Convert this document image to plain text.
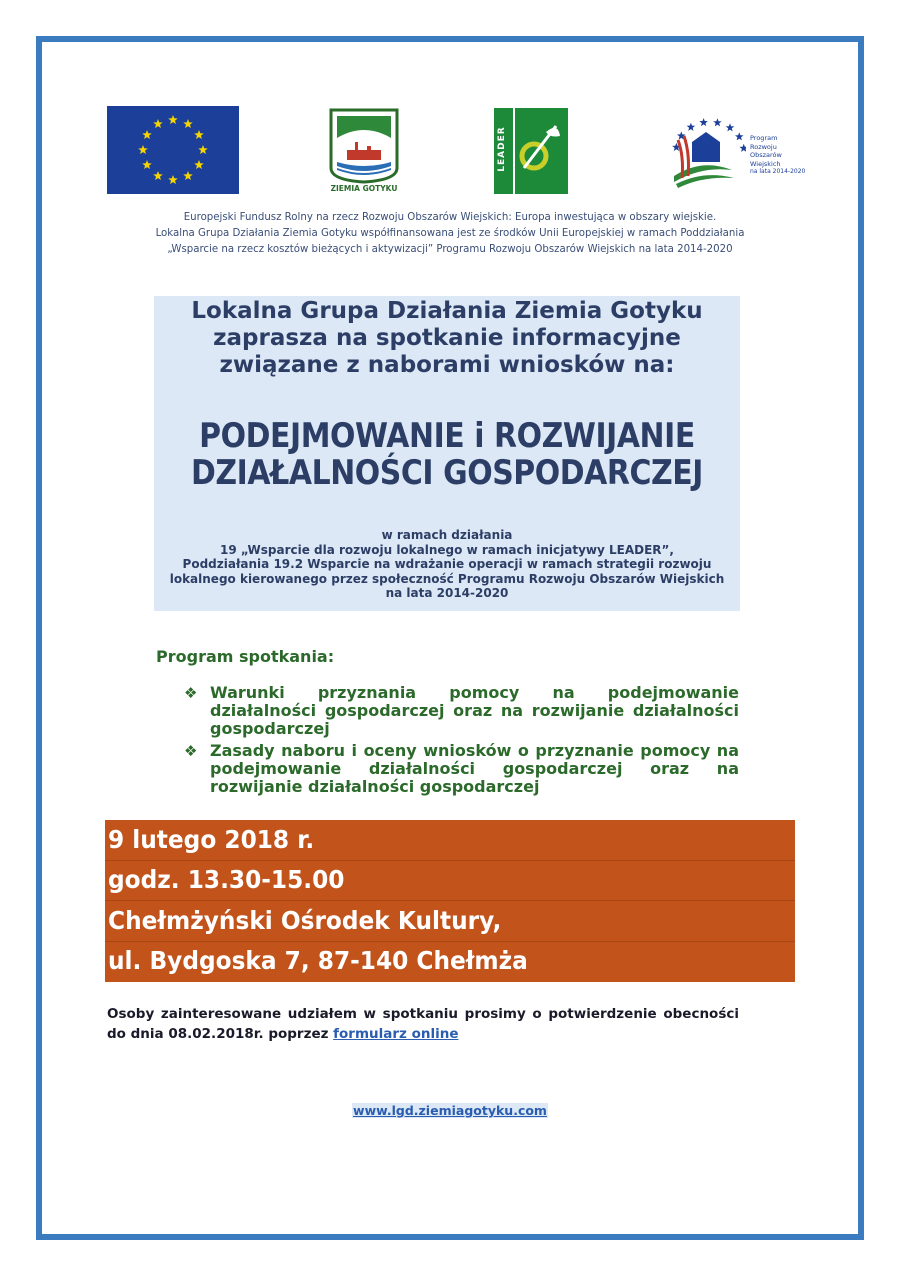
ZIEMIA GOTYKU
LEADER	Program
Rozwoju
Obszarów
Wiejskich
na lata 2014-2020
Europejski Fundusz Rolny na rzecz Rozwoju Obszarów Wiejskich: Europa inwestująca w obszary wiejskie.
Lokalna Grupa Działania Ziemia Gotyku współfinansowana jest ze środków Unii Europejskiej w ramach Poddziałania
„Wsparcie na rzecz kosztów bieżących i aktywizacji” Programu Rozwoju Obszarów Wiejskich na lata 2014-2020
Lokalna Grupa Działania Ziemia Gotyku
zaprasza na spotkanie informacyjne
związane z naborami wniosków na:
PODEJMOWANIE i ROZWIJANIE
DZIAŁALNOŚCI GOSPODARCZEJ
w ramach działania
19 „Wsparcie dla rozwoju lokalnego w ramach inicjatywy LEADER”,
Poddziałania 19.2 Wsparcie na wdrażanie operacji w ramach strategii rozwoju
lokalnego kierowanego przez społeczność Programu Rozwoju Obszarów Wiejskich
na lata 2014-2020
Program spotkania:
❖ Warunki przyznania pomocy na podejmowanie działalności gospodarczej oraz na rozwijanie działalności gospodarczej
❖ Zasady naboru i oceny wniosków o przyznanie pomocy na podejmowanie działalności gospodarczej oraz na rozwijanie działalności gospodarczej
9 lutego 2018 r.
godz. 13.30-15.00
Chełmżyński Ośrodek Kultury,
ul. Bydgoska 7, 87-140 Chełmża
Osoby zainteresowane udziałem w spotkaniu prosimy o potwierdzenie obecności
do dnia 08.02.2018r. poprzez formularz online
www.lgd.ziemiagotyku.com
